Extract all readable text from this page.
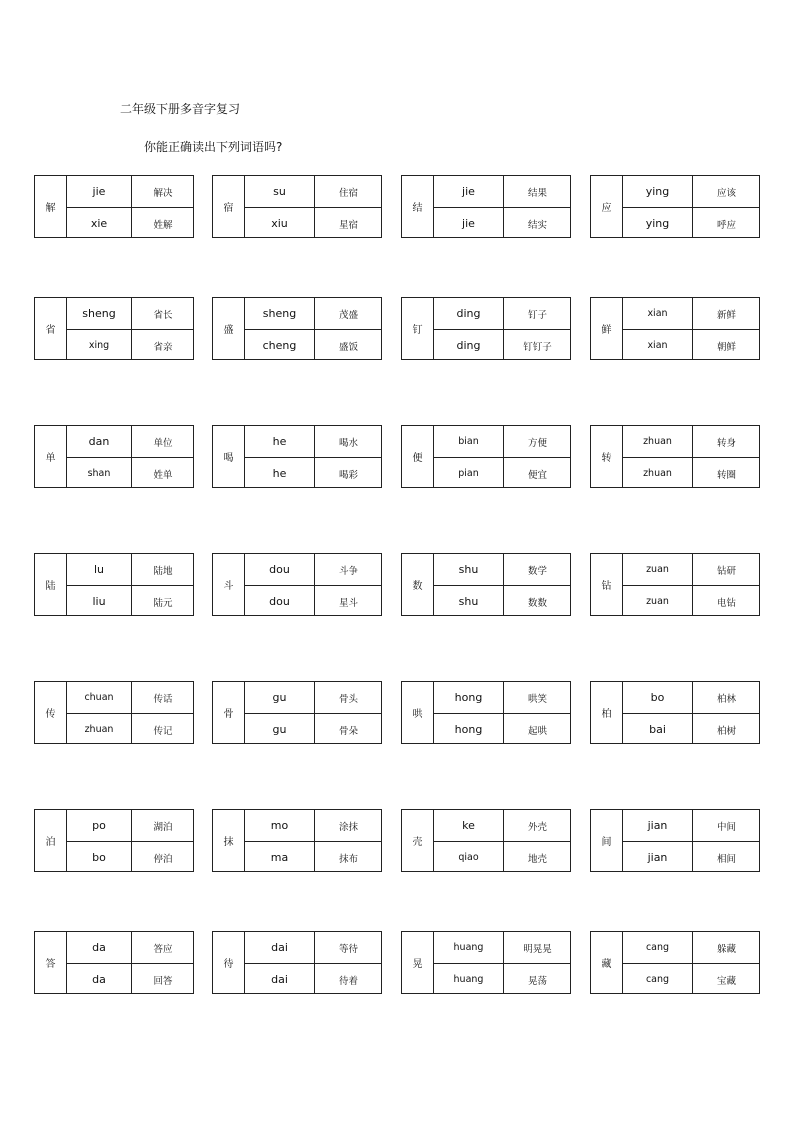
二年级下册多音字复习
你能正确读出下列词语吗?
解
jie	解决
xie	姓解
宿
su	住宿
xiu	星宿
结
jie	结果
jie	结实
应
ying	应该
ying	呼应
省
sheng	省长
xing	省亲
盛
sheng	茂盛
cheng	盛饭
钉
ding	钉子
ding	钉钉子
鲜
xian	新鲜
xian	朝鲜
单
dan	单位
shan	姓单
喝
he	喝水
he	喝彩
便
bian	方便
pian	便宜
转
zhuan	转身
zhuan	转圈
陆
lu	陆地
liu	陆元
斗
dou	斗争
dou	星斗
数
shu	数学
shu	数数
钻
zuan	钻研
zuan	电钻
传
chuan	传话
zhuan	传记
骨
gu	骨头
gu	骨朵
哄
hong	哄笑
hong	起哄
柏
bo	柏林
bai	柏树
泊
po	湖泊
bo	停泊
抹
mo	涂抹
ma	抹布
壳
ke	外壳
qiao	地壳
间
jian	中间
jian	相间
答
da	答应
da	回答
待
dai	等待
dai	待着
晃
huang	明晃晃
huang	晃荡
藏
cang	躲藏
cang	宝藏
